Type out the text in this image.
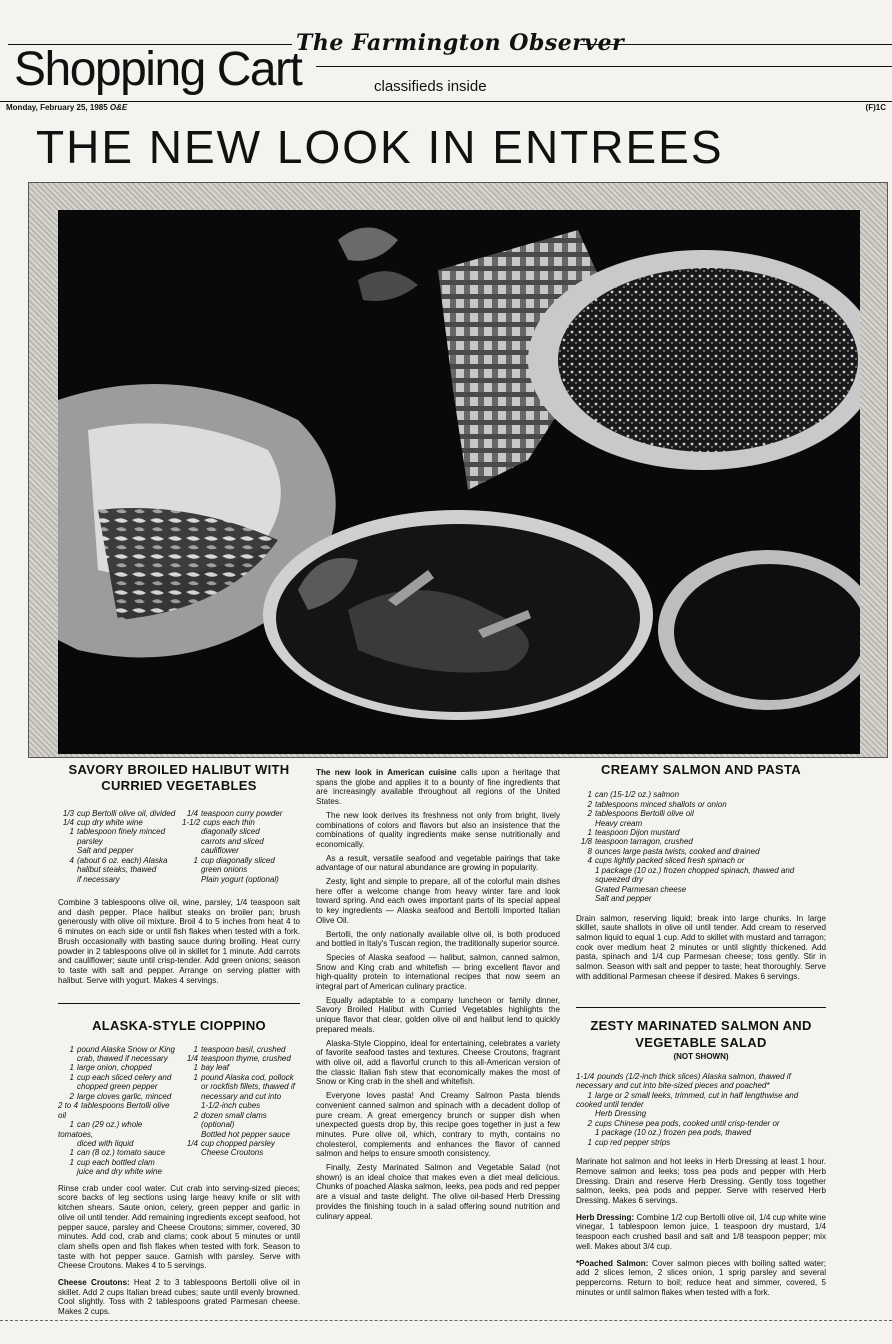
The Farmington Observer
Shopping Cart	classifieds inside
Monday, February 25, 1985 O&E	(F)1C
THE NEW LOOK IN ENTREES
SAVORY BROILED HALIBUT WITH CURRIED VEGETABLES
1/3 cup Bertolli olive oil, divided
1/4 cup dry white wine
1 tablespoon finely minced
parsley
Salt and pepper
4 (about 6 oz. each) Alaska
halibut steaks, thawed
if necessary
1/4 teaspoon curry powder
1-1/2 cups each thin
diagonally sliced
carrots and sliced
cauliflower
1 cup diagonally sliced
green onions
Plain yogurt (optional)

Combine 3 tablespoons olive oil, wine, parsley, 1/4 teaspoon salt and dash pepper. Place halibut steaks on broiler pan; brush generously with olive oil mixture. Broil 4 to 5 inches from heat 4 to 6 minutes on each side or until fish flakes when tested with a fork. Brush occasionally with basting sauce during broiling. Heat curry powder in 2 tablespoons olive oil in skillet for 1 minute. Add carrots and cauliflower; saute until crisp-tender. Add green onions; season to taste with salt and pepper. Arrange on serving platter with halibut. Serve with yogurt. Makes 4 servings.

ALASKA-STYLE CIOPPINO
1 pound Alaska Snow or King
crab, thawed if necessary
1 large onion, chopped
1 cup each sliced celery and
chopped green pepper
2 large cloves garlic, minced
2 to 4 tablespoons Bertolli olive oil
1 can (29 oz.) whole tomatoes,
diced with liquid
1 can (8 oz.) tomato sauce
1 cup each bottled clam
juice and dry white wine
1 teaspoon basil, crushed
1/4 teaspoon thyme, crushed
1 bay leaf
1 pound Alaska cod, pollock
or rockfish fillets, thawed if
necessary and cut into
1-1/2-inch cubes
2 dozen small clams
(optional)
Bottled hot pepper sauce
1/4 cup chopped parsley
Cheese Croutons

Rinse crab under cool water. Cut crab into serving-sized pieces; score backs of leg sections using large heavy knife or slit with kitchen shears. Saute onion, celery, green pepper and garlic in olive oil until tender. Add remaining ingredients except seafood, hot pepper sauce, parsley and Cheese Croutons; simmer, covered, 30 minutes. Add cod, crab and clams; cook about 5 minutes or until clam shells open and fish flakes when tested with fork. Season to taste with hot pepper sauce. Garnish with parsley. Serve with Cheese Croutons. Makes 4 to 5 servings.

Cheese Croutons: Heat 2 to 3 tablespoons Bertolli olive oil in skillet. Add 2 cups Italian bread cubes; saute until evenly browned. Cool slightly. Toss with 2 tablespoons grated Parmesan cheese. Makes 2 cups.

The new look in American cuisine calls upon a heritage that spans the globe and applies it to a bounty of fine ingredients that are increasingly available throughout all regions of the United States.

The new look derives its freshness not only from bright, lively combinations of colors and flavors but also an insistence that the combinations of quality ingredients make sense nutritionally and economically.

As a result, versatile seafood and vegetable pairings that take advantage of our natural abundance are growing in popularity.

Zesty, light and simple to prepare, all of the colorful main dishes here offer a welcome change from heavy winter fare and look toward spring. And each owes important parts of its special appeal to key ingredients — Alaska seafood and Bertolli Imported Italian Olive Oil.

Bertolli, the only nationally available olive oil, is both produced and bottled in Italy's Tuscan region, the traditionally superior source.

Species of Alaska seafood — halibut, salmon, canned salmon, Snow and King crab and whitefish — bring excellent flavor and high-quality protein to international recipes that now seem an integral part of American culinary practice.

Equally adaptable to a company luncheon or family dinner, Savory Broiled Halibut with Curried Vegetables highlights the unique flavor that clear, golden olive oil and halibut lend to quickly prepared meals.

Alaska-Style Cioppino, ideal for entertaining, celebrates a variety of favorite seafood tastes and textures. Cheese Croutons, fragrant with olive oil, add a flavorful crunch to this all-American version of the classic Italian fish stew that economically makes the most of Snow or King crab in the shell and whitefish.

Everyone loves pasta! And Creamy Salmon Pasta blends convenient canned salmon and spinach with a decadent dollop of pure cream. A great emergency brunch or supper dish when unexpected guests drop by, this recipe goes together in just a few minutes. Pure olive oil, which, contrary to myth, contains no cholesterol, complements and enhances the flavor of canned salmon and helps to ensure smooth consistency.

Finally, Zesty Marinated Salmon and Vegetable Salad (not shown) is an ideal choice that makes even a diet meal delicious. Chunks of poached Alaska salmon, leeks, pea pods and red pepper are a visual and taste delight. The olive oil-based Herb Dressing provides the finishing touch in a salad offering sound nutrition and culinary appeal.

CREAMY SALMON AND PASTA
1 can (15-1/2 oz.) salmon
2 tablespoons minced shallots or onion
2 tablespoons Bertolli olive oil
Heavy cream
1 teaspoon Dijon mustard
1/8 teaspoon tarragon, crushed
8 ounces large pasta twists, cooked and drained
4 cups lightly packed sliced fresh spinach or
1 package (10 oz.) frozen chopped spinach, thawed and squeezed dry
Grated Parmesan cheese
Salt and pepper

Drain salmon, reserving liquid; break into large chunks. In large skillet, saute shallots in olive oil until tender. Add cream to reserved salmon liquid to equal 1 cup. Add to skillet with mustard and tarragon; cook over medium heat 2 minutes or until slightly thickened. Add pasta, spinach and 1/4 cup Parmesan cheese; toss gently. Stir in salmon. Season with salt and pepper to taste; heat thoroughly. Serve with additional Parmesan cheese if desired. Makes 6 servings.

ZESTY MARINATED SALMON AND VEGETABLE SALAD
(NOT SHOWN)
1-1/4 pounds (1/2-inch thick slices) Alaska salmon, thawed if necessary and cut into bite-sized pieces and poached*
1 large or 2 small leeks, trimmed, cut in half lengthwise and cooked until tender
Herb Dressing
2 cups Chinese pea pods, cooked until crisp-tender or
1 package (10 oz.) frozen pea pods, thawed
1 cup red pepper strips

Marinate hot salmon and hot leeks in Herb Dressing at least 1 hour. Remove salmon and leeks; toss pea pods and pepper with Herb Dressing. Drain and reserve Herb Dressing. Gently toss together salmon, leeks, pea pods and pepper. Serve with reserved Herb Dressing. Makes 6 servings.

Herb Dressing: Combine 1/2 cup Bertolli olive oil, 1/4 cup white wine vinegar, 1 tablespoon lemon juice, 1 teaspoon dry mustard, 1/4 teaspoon each crushed basil and salt and 1/8 teaspoon pepper; mix well. Makes about 3/4 cup.

*Poached Salmon: Cover salmon pieces with boiling salted water; add 2 slices lemon, 2 slices onion, 1 sprig parsley and several peppercorns. Return to boil; reduce heat and simmer, covered, 5 minutes or until salmon flakes when tested with a fork.
